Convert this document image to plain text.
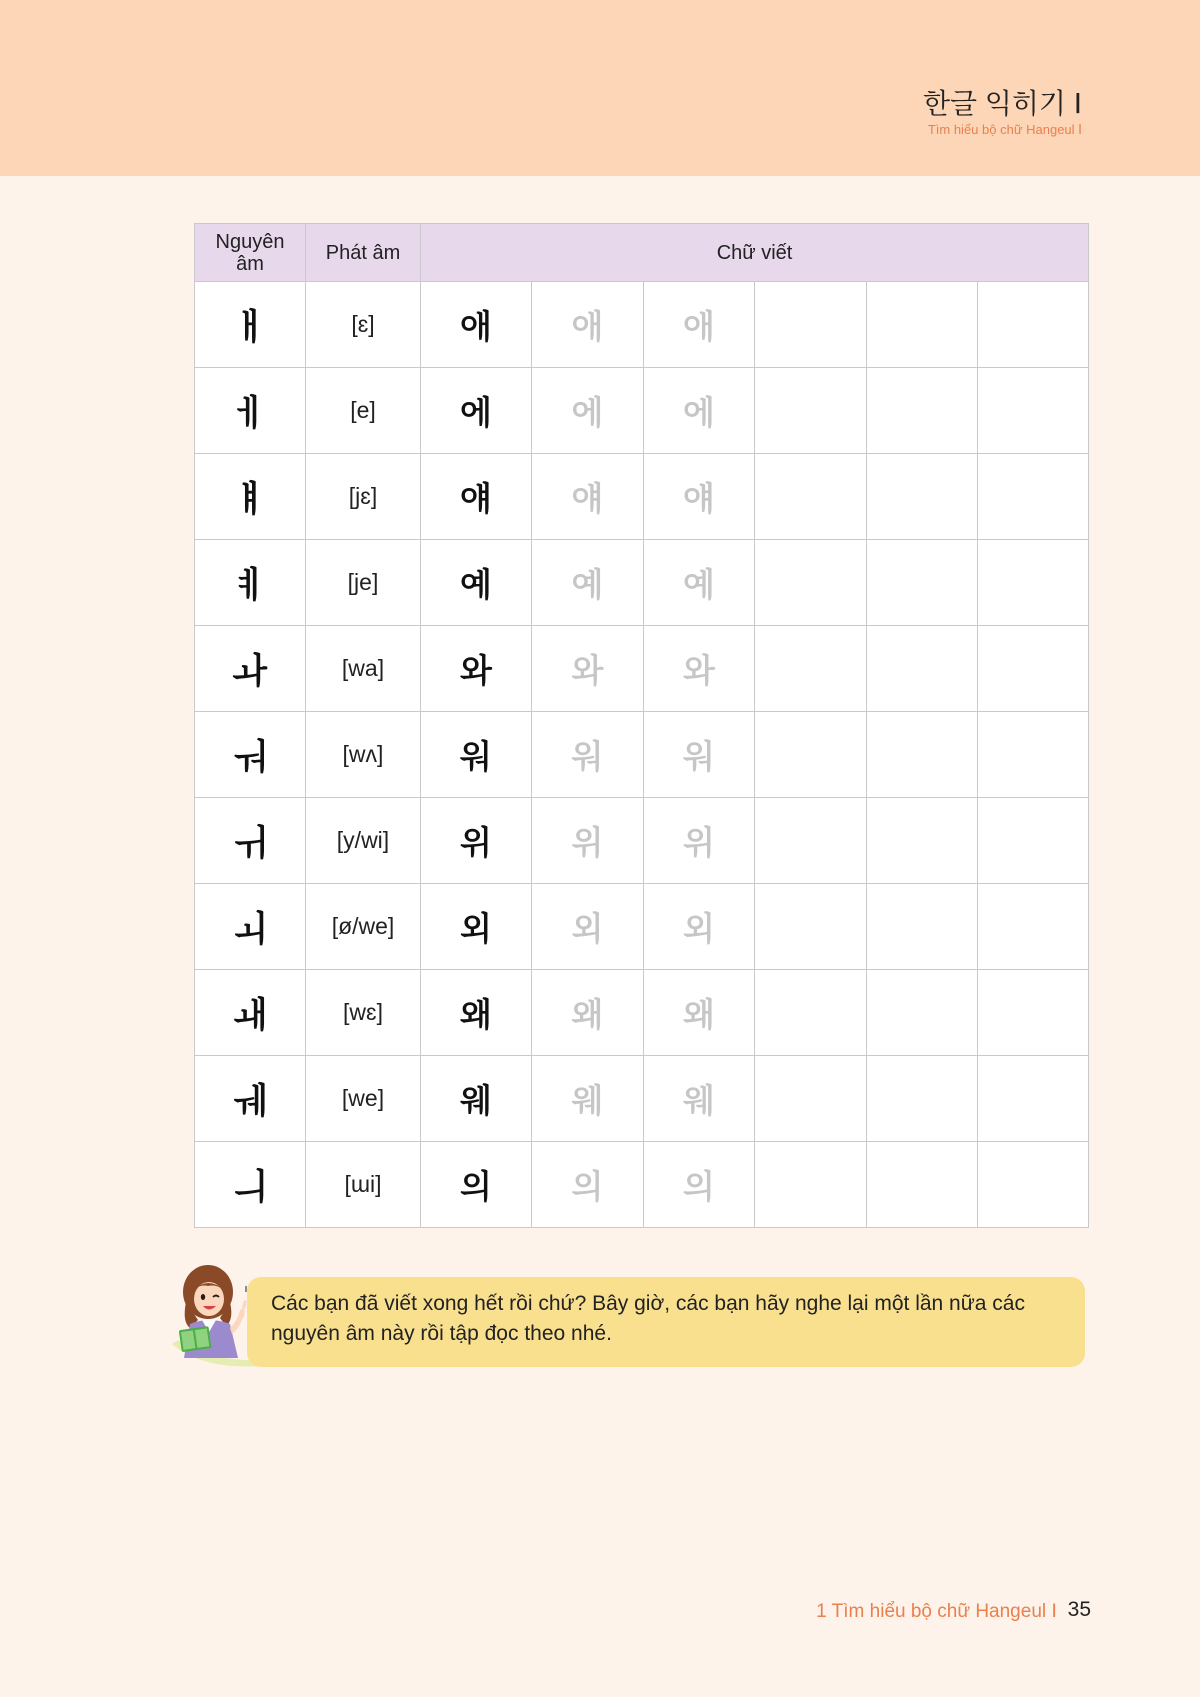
한글 익히기 Ⅰ
Tìm hiểu bộ chữ Hangeul Ⅰ
Nguyên âm	Phát âm	Chữ viết					
ㅐ	[ɛ]	애	애	애			
ㅔ	[e]	에	에	에			
ㅒ	[jɛ]	얘	얘	얘			
ㅖ	[je]	예	예	예			
ㅘ	[wa]	와	와	와			
ㅝ	[wʌ]	워	워	워			
ㅟ	[y/wi]	위	위	위			
ㅚ	[ø/we]	외	외	외			
ㅙ	[wɛ]	왜	왜	왜			
ㅞ	[we]	웨	웨	웨			
ㅢ	[ɯi]	의	의	의			
Các bạn đã viết xong hết rồi chứ? Bây giờ, các bạn hãy nghe lại một lần nữa các nguyên âm này rồi tập đọc theo nhé.
1 Tìm hiểu bộ chữ Hangeul Ⅰ 35
